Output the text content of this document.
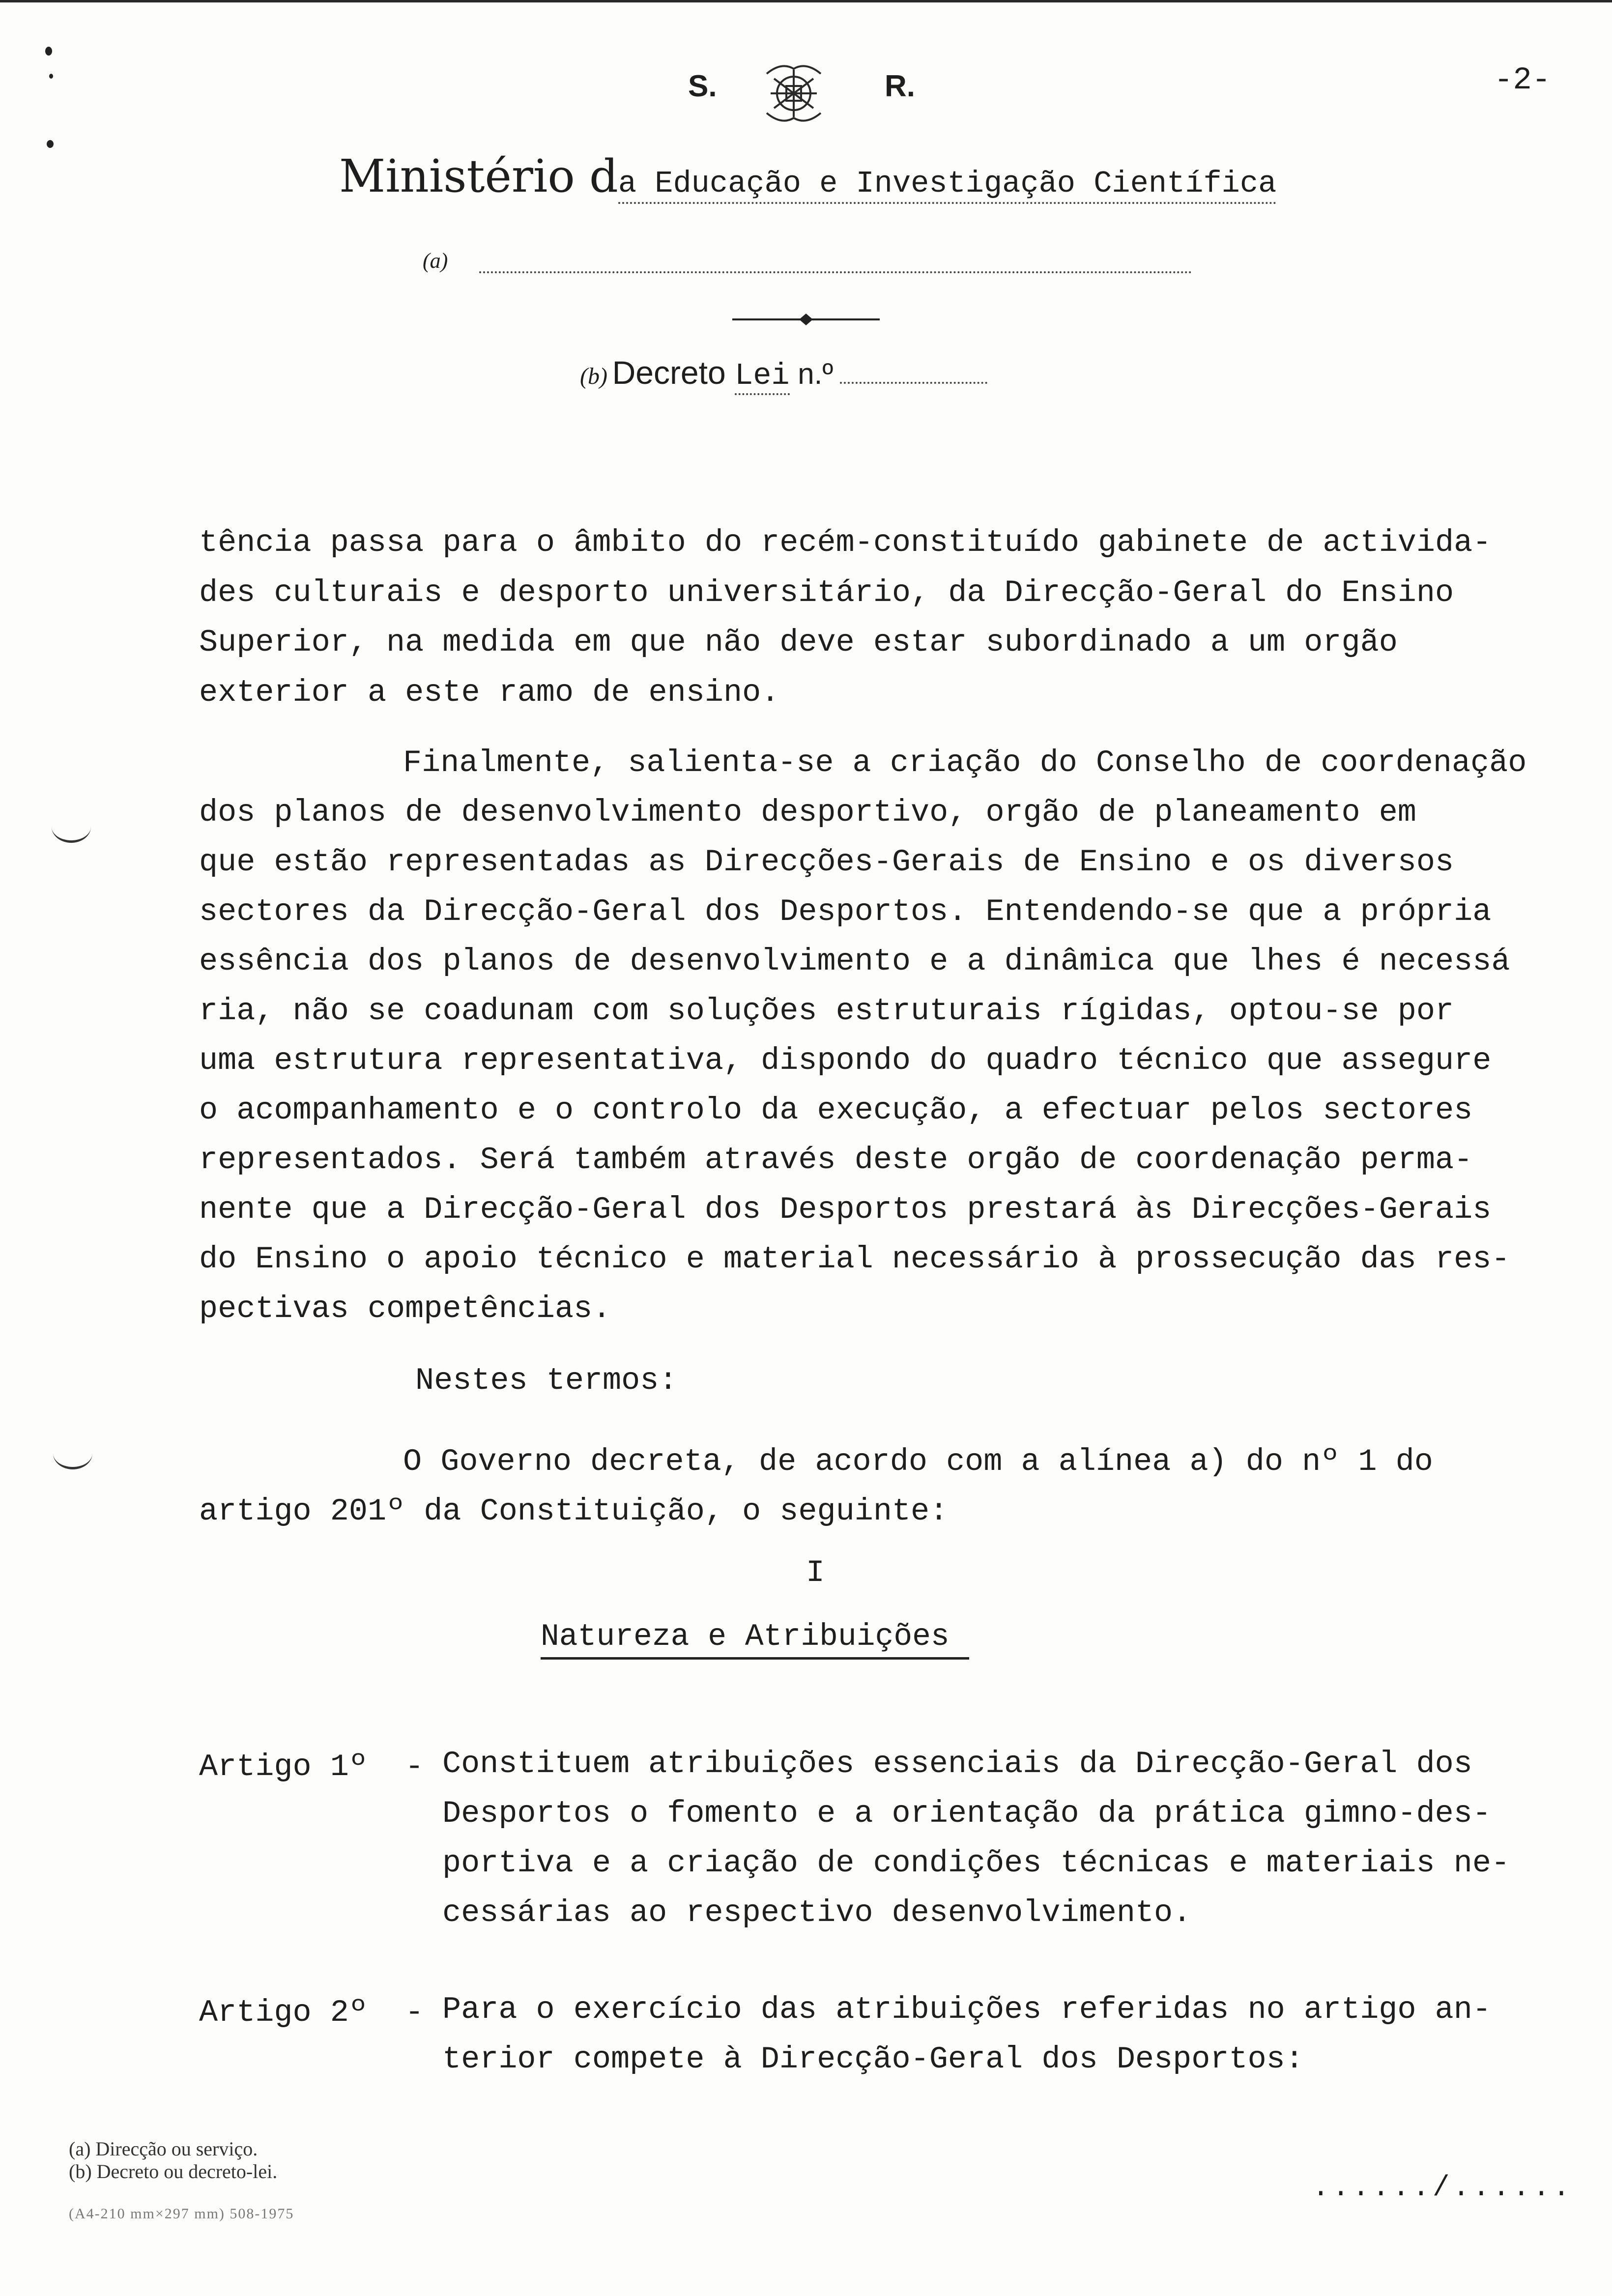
S.	R.	-2-
Ministério da Educação e Investigação Científica
(a)
(b) Decreto Lei n.º

tência passa para o âmbito do recém-constituído gabinete de activida-

des culturais e desporto universitário, da Direcção-Geral do Ensino

Superior, na medida em que não deve estar subordinado a um orgão

exterior a este ramo de ensino.

Finalmente, salienta-se a criação do Conselho de coordenação

dos planos de desenvolvimento desportivo, orgão de planeamento em

que estão representadas as Direcções-Gerais de Ensino e os diversos

sectores da Direcção-Geral dos Desportos. Entendendo-se que a própria

essência dos planos de desenvolvimento e a dinâmica que lhes é necessá

ria, não se coadunam com soluções estruturais rígidas, optou-se por

uma estrutura representativa, dispondo do quadro técnico que assegure

o acompanhamento e o controlo da execução, a efectuar pelos sectores

representados. Será também através deste orgão de coordenação perma-

nente que a Direcção-Geral dos Desportos prestará às Direcções-Gerais

do Ensino o apoio técnico e material necessário à prossecução das res-

pectivas competências.

Nestes termos:

O Governo decreta, de acordo com a alínea a) do nº 1 do

artigo 201º da Constituição, o seguinte:

I
Natureza e Atribuições
Artigo 1º  - Constituem atribuições essenciais da Direcção-Geral dos

Desportos o fomento e a orientação da prática gimno-des-

portiva e a criação de condições técnicas e materiais ne-

cessárias ao respectivo desenvolvimento.

Artigo 2º  - Para o exercício das atribuições referidas no artigo an-

terior compete à Direcção-Geral dos Desportos:

(a) Direcção ou serviço.
(b) Decreto ou decreto-lei.
(A4-210 mm×297 mm) 508-1975
....../......
